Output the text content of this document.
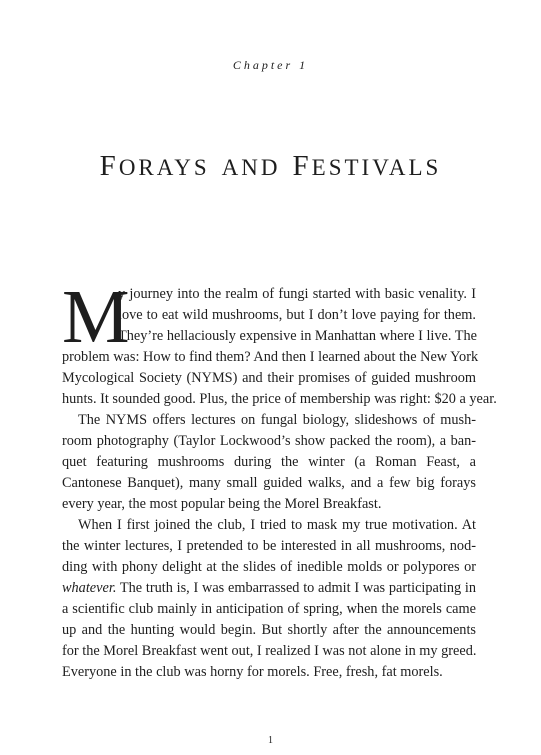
Chapter 1
FORAYS AND FESTIVALS
M
y journey into the realm of fungi started with basic venality. I
love to eat wild mushrooms, but I don’t love paying for them.
They’re hellaciously expensive in Manhattan where I live. The
problem was: How to find them? And then I learned about the New York
Mycological Society (NYMS) and their promises of guided mushroom
hunts. It sounded good. Plus, the price of membership was right: $20 a year.
The NYMS offers lectures on fungal biology, slideshows of mush-
room photography (Taylor Lockwood’s show packed the room), a ban-
quet featuring mushrooms during the winter (a Roman Feast, a
Cantonese Banquet), many small guided walks, and a few big forays
every year, the most popular being the Morel Breakfast.
When I first joined the club, I tried to mask my true motivation. At
the winter lectures, I pretended to be interested in all mushrooms, nod-
ding with phony delight at the slides of inedible molds or polypores or
whatever. The truth is, I was embarrassed to admit I was participating in
a scientific club mainly in anticipation of spring, when the morels came
up and the hunting would begin. But shortly after the announcements
for the Morel Breakfast went out, I realized I was not alone in my greed.
Everyone in the club was horny for morels. Free, fresh, fat morels.
1
